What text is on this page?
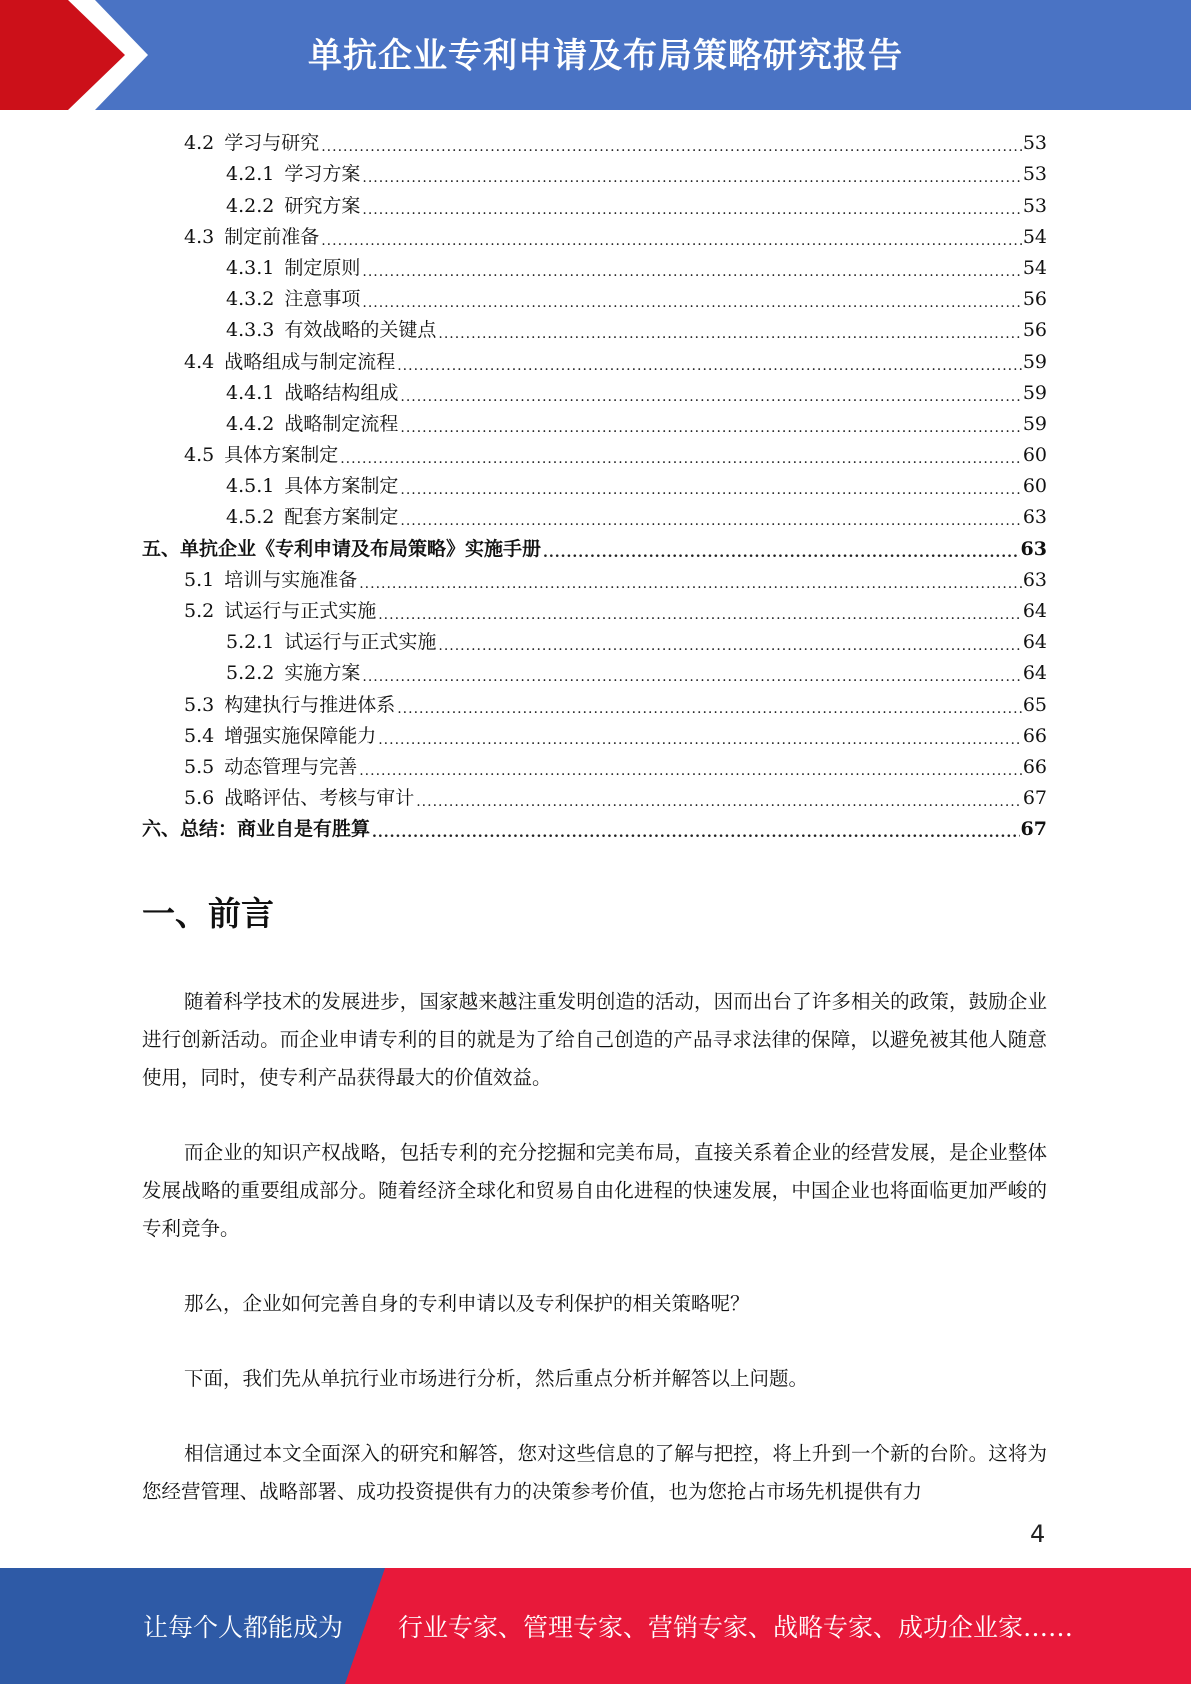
单抗企业专利申请及布局策略研究报告
4.2 学习与研究 .....	53
4.2.1 学习方案 .....	53
4.2.2 研究方案 .....	53
4.3 制定前准备 .....	54
4.3.1 制定原则 .....	54
4.3.2 注意事项 .....	56
4.3.3 有效战略的关键点 .....	56
4.4 战略组成与制定流程 .....	59
4.4.1 战略结构组成 .....	59
4.4.2 战略制定流程 .....	59
4.5 具体方案制定 .....	60
4.5.1 具体方案制定 .....	60
4.5.2 配套方案制定 .....	63
五、单抗企业《专利申请及布局策略》实施手册 .....	63
5.1 培训与实施准备 .....	63
5.2 试运行与正式实施 .....	64
5.2.1 试运行与正式实施 .....	64
5.2.2 实施方案 .....	64
5.3 构建执行与推进体系 .....	65
5.4 增强实施保障能力 .....	66
5.5 动态管理与完善 .....	66
5.6 战略评估、考核与审计 .....	67
六、总结：商业自是有胜算 .....	67
一、前言

随着科学技术的发展进步，国家越来越注重发明创造的活动，因而出台了许多相关的政策，鼓励企业进行创新活动。而企业申请专利的目的就是为了给自己创造的产品寻求法律的保障，以避免被其他人随意使用，同时，使专利产品获得最大的价值效益。

而企业的知识产权战略，包括专利的充分挖掘和完美布局，直接关系着企业的经营发展，是企业整体发展战略的重要组成部分。随着经济全球化和贸易自由化进程的快速发展，中国企业也将面临更加严峻的专利竞争。

那么，企业如何完善自身的专利申请以及专利保护的相关策略呢？

下面，我们先从单抗行业市场进行分析，然后重点分析并解答以上问题。

相信通过本文全面深入的研究和解答，您对这些信息的了解与把控，将上升到一个新的台阶。这将为您经营管理、战略部署、成功投资提供有力的决策参考价值，也为您抢占市场先机提供有力

4
让每个人都能成为 行业专家、管理专家、营销专家、战略专家、成功企业家……
